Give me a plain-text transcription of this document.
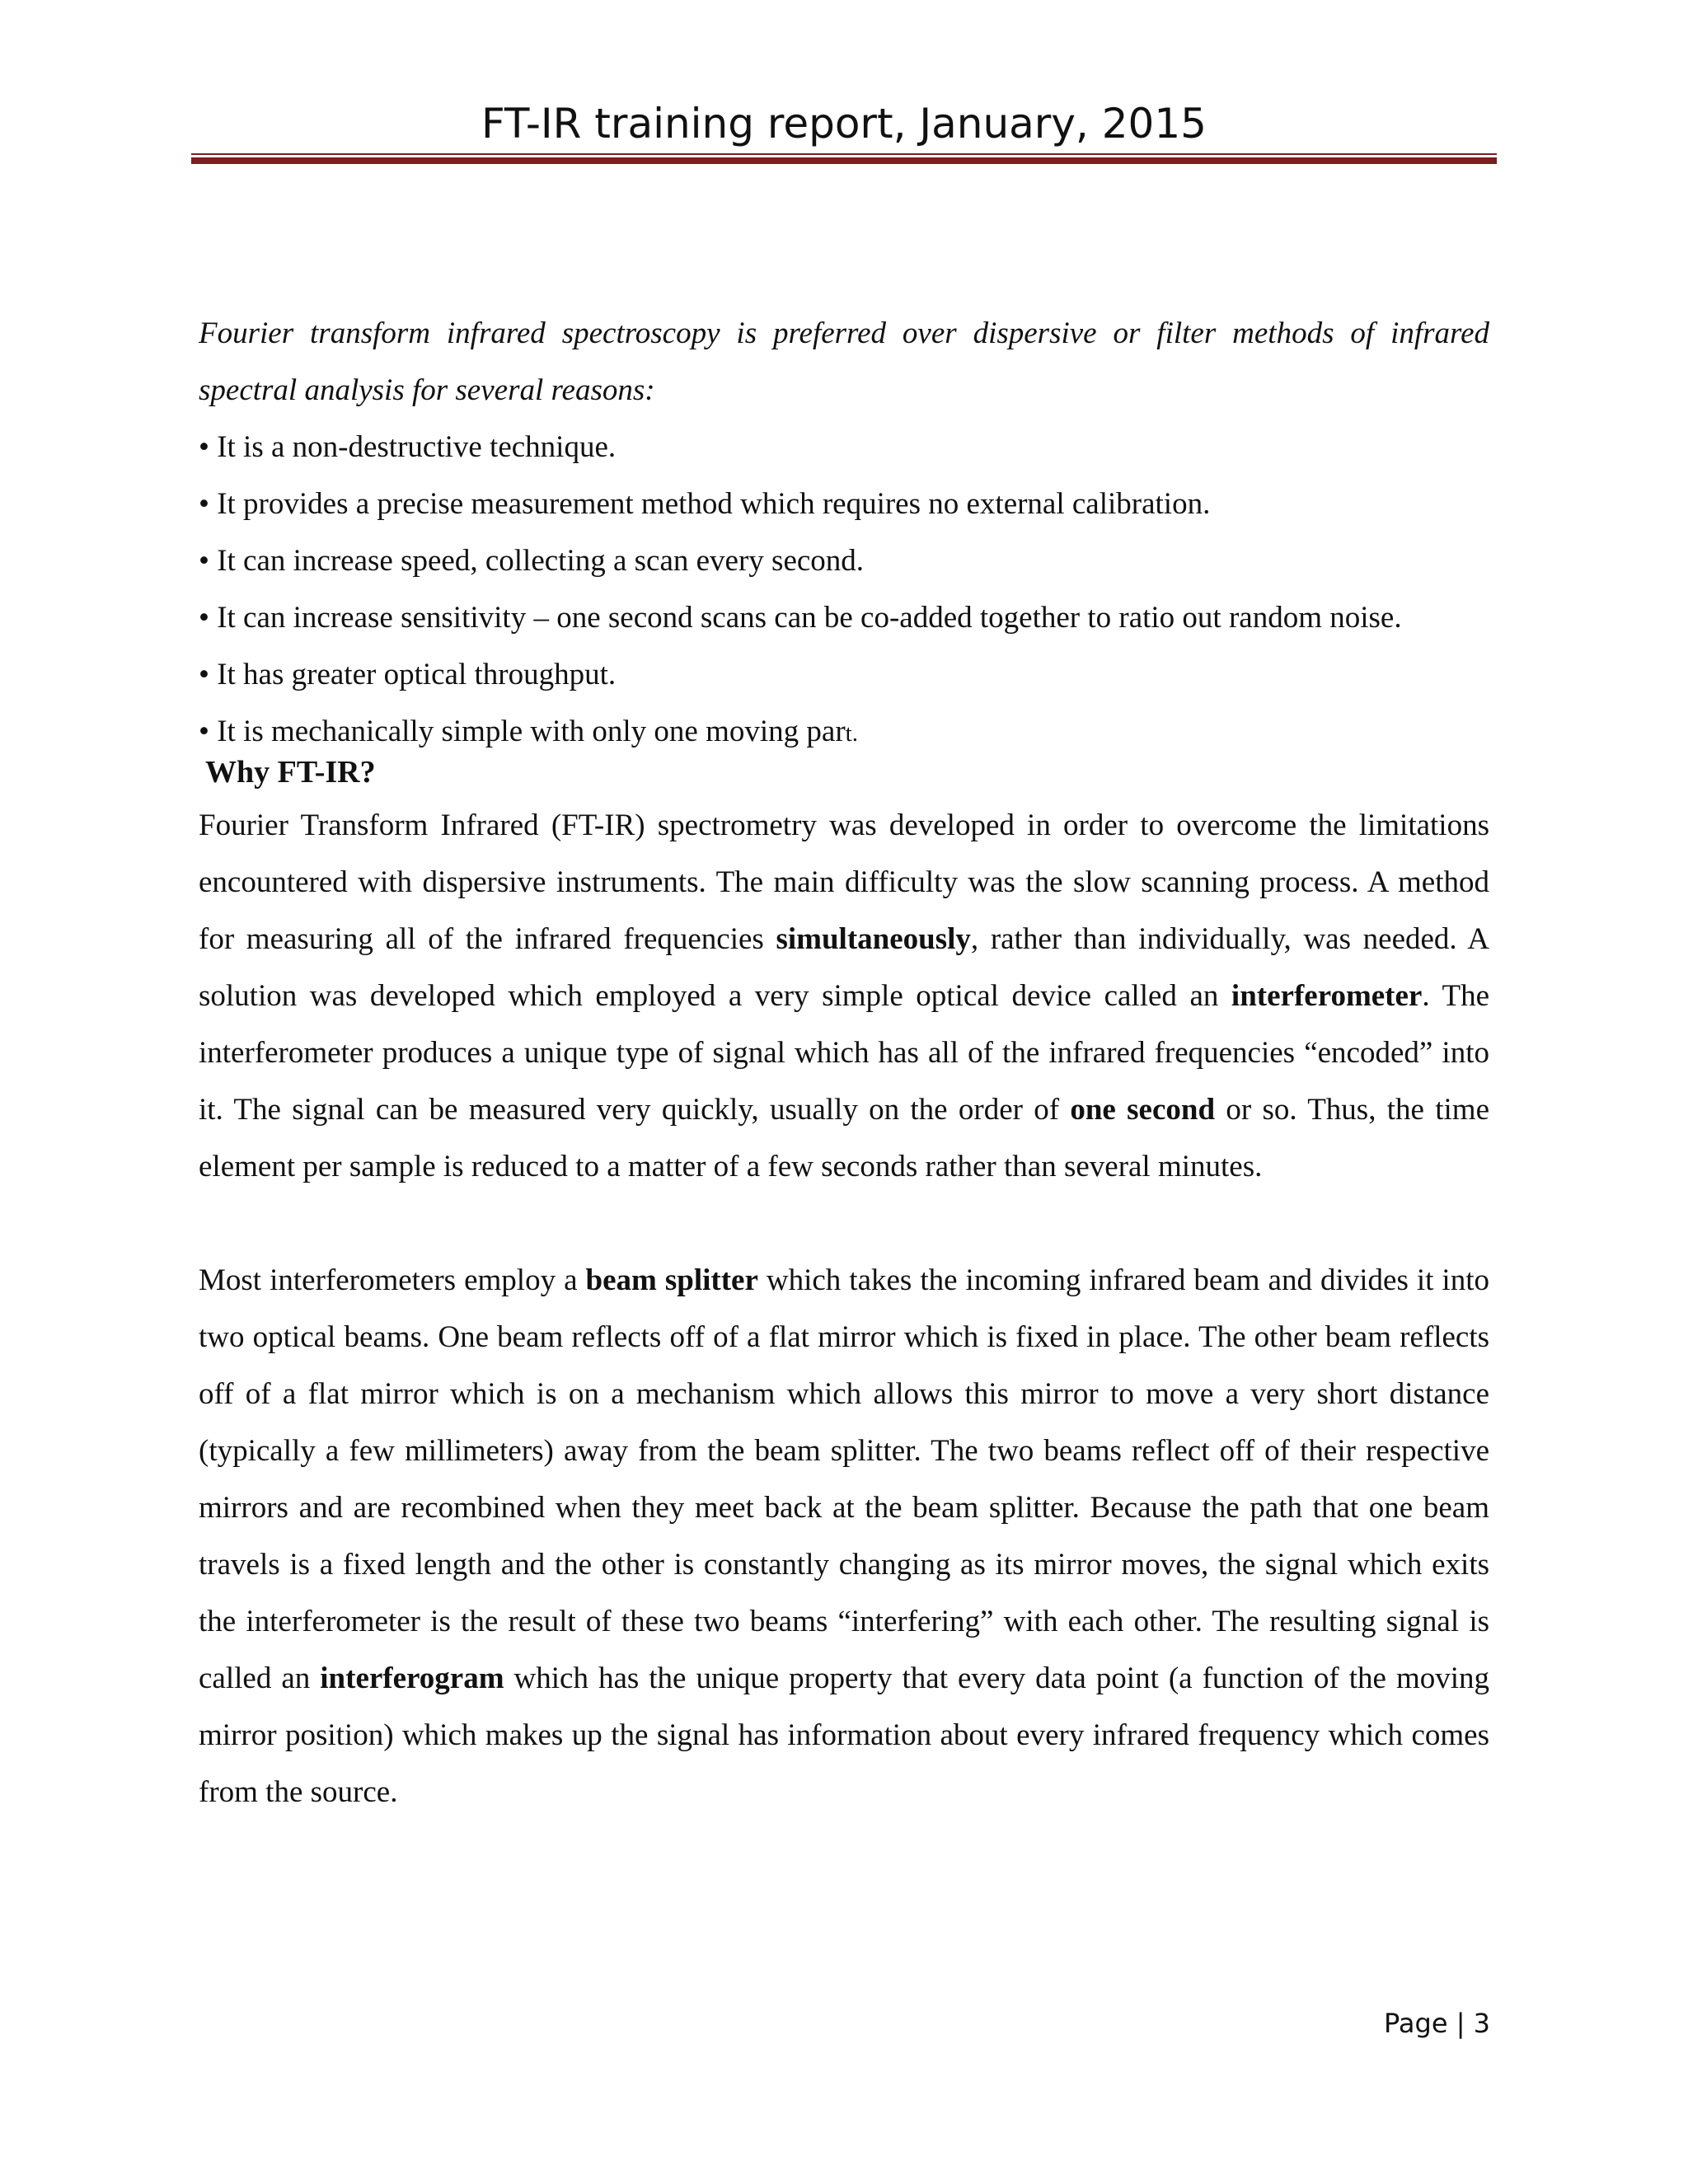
FT-IR training report, January, 2015

Fourier transform infrared spectroscopy is preferred over dispersive or filter methods of infrared spectral analysis for several reasons:

• It is a non-destructive technique.

• It provides a precise measurement method which requires no external calibration.

• It can increase speed, collecting a scan every second.

• It can increase sensitivity – one second scans can be co-added together to ratio out random noise.

• It has greater optical throughput.

• It is mechanically simple with only one moving part.

Why FT-IR?

Fourier Transform Infrared (FT-IR) spectrometry was developed in order to overcome the limitations encountered with dispersive instruments. The main difficulty was the slow scanning process. A method for measuring all of the infrared frequencies simultaneously, rather than individually, was needed. A solution was developed which employed a very simple optical device called an interferometer. The interferometer produces a unique type of signal which has all of the infrared frequencies “encoded” into it. The signal can be measured very quickly, usually on the order of one second or so. Thus, the time element per sample is reduced to a matter of a few seconds rather than several minutes.

Most interferometers employ a beam splitter which takes the incoming infrared beam and divides it into two optical beams. One beam reflects off of a flat mirror which is fixed in place. The other beam reflects off of a flat mirror which is on a mechanism which allows this mirror to move a very short distance (typically a few millimeters) away from the beam splitter. The two beams reflect off of their respective mirrors and are recombined when they meet back at the beam splitter. Because the path that one beam travels is a fixed length and the other is constantly changing as its mirror moves, the signal which exits the interferometer is the result of these two beams “interfering” with each other. The resulting signal is called an interferogram which has the unique property that every data point (a function of the moving mirror position) which makes up the signal has information about every infrared frequency which comes from the source.

Page | 3
